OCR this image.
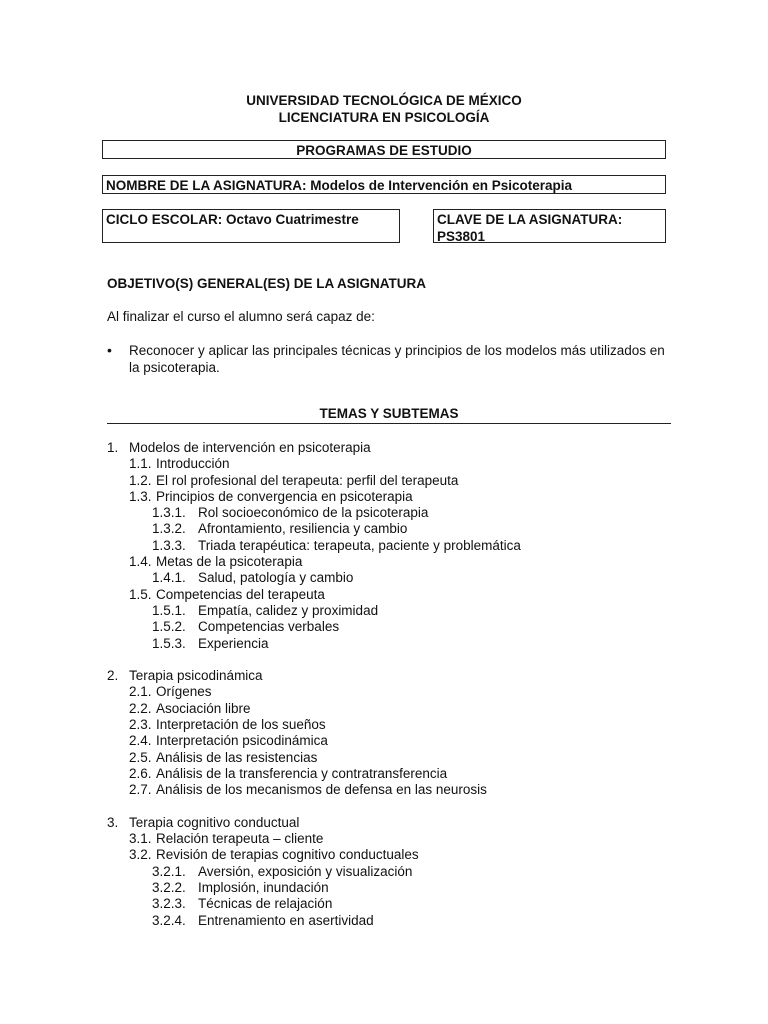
UNIVERSIDAD TECNOLÓGICA DE MÉXICO
LICENCIATURA EN PSICOLOGÍA
PROGRAMAS DE ESTUDIO
NOMBRE DE LA ASIGNATURA: Modelos de Intervención en Psicoterapia
CICLO ESCOLAR: Octavo Cuatrimestre	CLAVE DE LA ASIGNATURA:
PS3801
OBJETIVO(S) GENERAL(ES) DE LA ASIGNATURA
Al finalizar el curso el alumno será capaz de:
• Reconocer y aplicar las principales técnicas y principios de los modelos más utilizados en la psicoterapia.
TEMAS Y SUBTEMAS
1. Modelos de intervención en psicoterapia
1.1. Introducción
1.2. El rol profesional del terapeuta: perfil del terapeuta
1.3. Principios de convergencia en psicoterapia
1.3.1. Rol socioeconómico de la psicoterapia
1.3.2. Afrontamiento, resiliencia y cambio
1.3.3. Triada terapéutica: terapeuta, paciente y problemática
1.4. Metas de la psicoterapia
1.4.1. Salud, patología y cambio
1.5. Competencias del terapeuta
1.5.1. Empatía, calidez y proximidad
1.5.2. Competencias verbales
1.5.3. Experiencia
2. Terapia psicodinámica
2.1. Orígenes
2.2. Asociación libre
2.3. Interpretación de los sueños
2.4. Interpretación psicodinámica
2.5. Análisis de las resistencias
2.6. Análisis de la transferencia y contratransferencia
2.7. Análisis de los mecanismos de defensa en las neurosis
3. Terapia cognitivo conductual
3.1. Relación terapeuta – cliente
3.2. Revisión de terapias cognitivo conductuales
3.2.1. Aversión, exposición y visualización
3.2.2. Implosión, inundación
3.2.3. Técnicas de relajación
3.2.4. Entrenamiento en asertividad
